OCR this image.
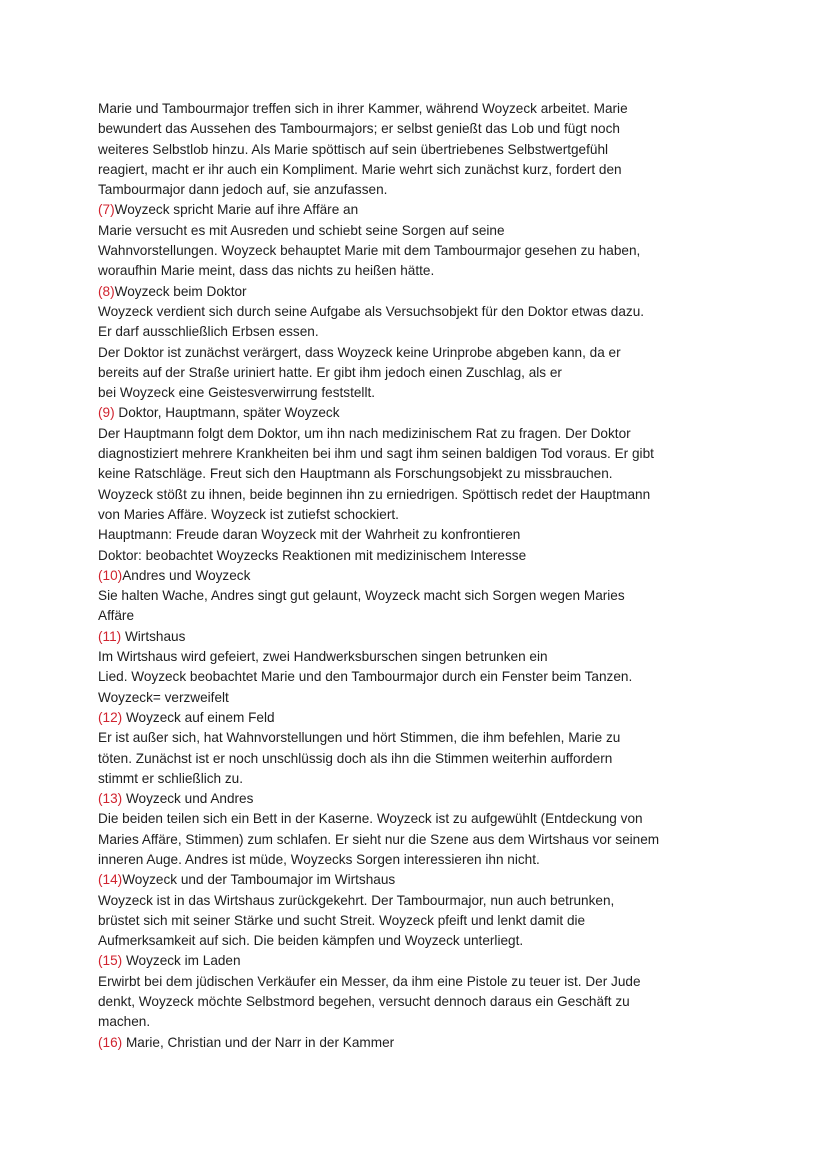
Marie und Tambourmajor treffen sich in ihrer Kammer, während Woyzeck arbeitet. Marie
bewundert das Aussehen des Tambourmajors; er selbst genießt das Lob und fügt noch
weiteres Selbstlob hinzu. Als Marie spöttisch auf sein übertriebenes Selbstwertgefühl
reagiert, macht er ihr auch ein Kompliment. Marie wehrt sich zunächst kurz, fordert den
Tambourmajor dann jedoch auf, sie anzufassen.
(7)Woyzeck spricht Marie auf ihre Affäre an
Marie versucht es mit Ausreden und schiebt seine Sorgen auf seine
Wahnvorstellungen. Woyzeck behauptet Marie mit dem Tambourmajor gesehen zu haben,
woraufhin Marie meint, dass das nichts zu heißen hätte.
(8)Woyzeck beim Doktor
Woyzeck verdient sich durch seine Aufgabe als Versuchsobjekt für den Doktor etwas dazu.
Er darf ausschließlich Erbsen essen.
Der Doktor ist zunächst verärgert, dass Woyzeck keine Urinprobe abgeben kann, da er
bereits auf der Straße uriniert hatte. Er gibt ihm jedoch einen Zuschlag, als er
bei Woyzeck eine Geistesverwirrung feststellt.
(9) Doktor, Hauptmann, später Woyzeck
Der Hauptmann folgt dem Doktor, um ihn nach medizinischem Rat zu fragen. Der Doktor
diagnostiziert mehrere Krankheiten bei ihm und sagt ihm seinen baldigen Tod voraus. Er gibt
keine Ratschläge. Freut sich den Hauptmann als Forschungsobjekt zu missbrauchen.
Woyzeck stößt zu ihnen, beide beginnen ihn zu erniedrigen. Spöttisch redet der Hauptmann
von Maries Affäre. Woyzeck ist zutiefst schockiert.
Hauptmann: Freude daran Woyzeck mit der Wahrheit zu konfrontieren
Doktor: beobachtet Woyzecks Reaktionen mit medizinischem Interesse
(10)Andres und Woyzeck
Sie halten Wache, Andres singt gut gelaunt, Woyzeck macht sich Sorgen wegen Maries
Affäre
(11) Wirtshaus
Im Wirtshaus wird gefeiert, zwei Handwerksburschen singen betrunken ein
Lied. Woyzeck beobachtet Marie und den Tambourmajor durch ein Fenster beim Tanzen.
Woyzeck= verzweifelt
(12) Woyzeck auf einem Feld
Er ist außer sich, hat Wahnvorstellungen und hört Stimmen, die ihm befehlen, Marie zu
töten. Zunächst ist er noch unschlüssig doch als ihn die Stimmen weiterhin auffordern
stimmt er schließlich zu.
(13) Woyzeck und Andres
Die beiden teilen sich ein Bett in der Kaserne. Woyzeck ist zu aufgewühlt (Entdeckung von
Maries Affäre, Stimmen) zum schlafen. Er sieht nur die Szene aus dem Wirtshaus vor seinem
inneren Auge. Andres ist müde, Woyzecks Sorgen interessieren ihn nicht.
(14)Woyzeck und der Tamboumajor im Wirtshaus
Woyzeck ist in das Wirtshaus zurückgekehrt. Der Tambourmajor, nun auch betrunken,
brüstet sich mit seiner Stärke und sucht Streit. Woyzeck pfeift und lenkt damit die
Aufmerksamkeit auf sich. Die beiden kämpfen und Woyzeck unterliegt.
(15) Woyzeck im Laden
Erwirbt bei dem jüdischen Verkäufer ein Messer, da ihm eine Pistole zu teuer ist. Der Jude
denkt, Woyzeck möchte Selbstmord begehen, versucht dennoch daraus ein Geschäft zu
machen.
(16) Marie, Christian und der Narr in der Kammer
